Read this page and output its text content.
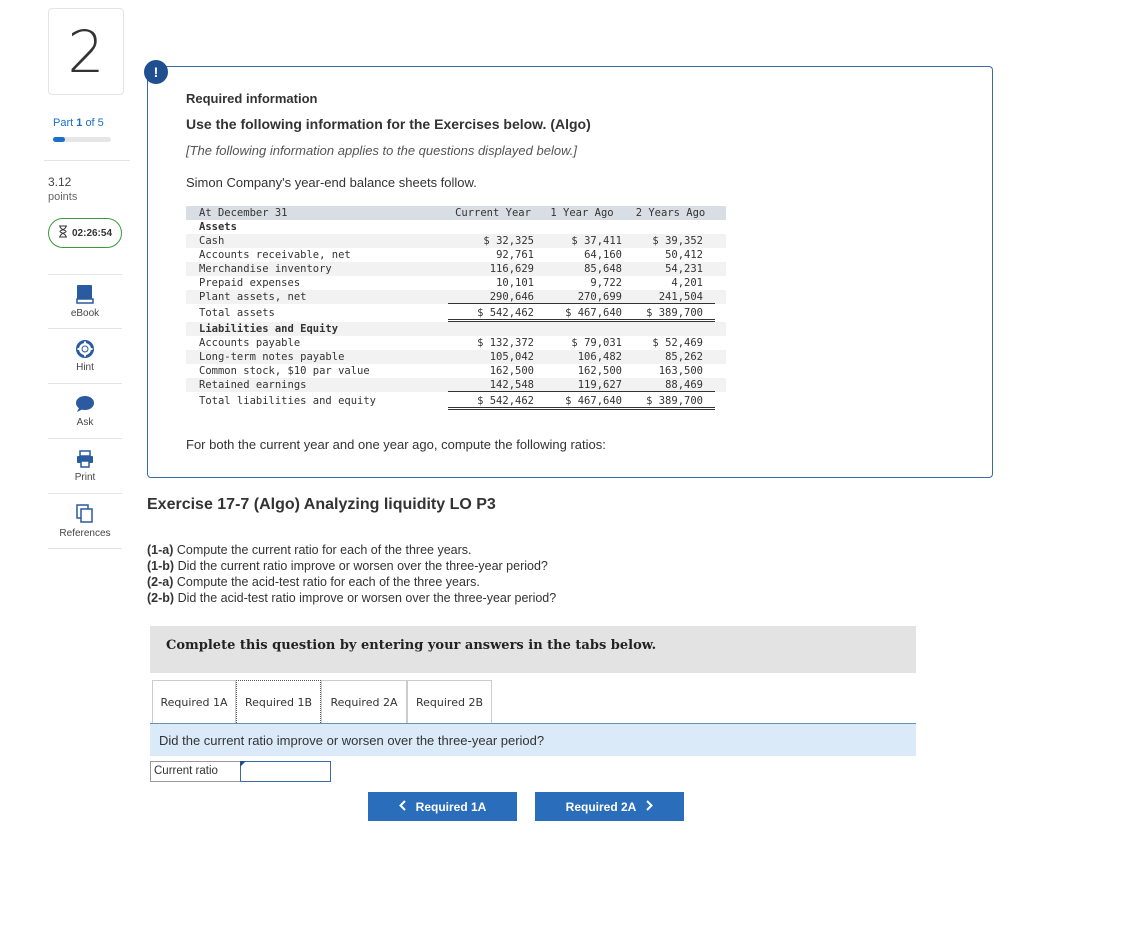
2
Part 1 of 5
3.12
points
02:26:54
eBook
Hint
Ask
Print
References
!
Required information
Use the following information for the Exercises below. (Algo)
[The following information applies to the questions displayed below.]
Simon Company's year-end balance sheets follow.
At December 31	Current Year	1 Year Ago	2 Years Ago
Assets
Cash	$ 32,325	$ 37,411	$ 39,352
Accounts receivable, net	92,761	64,160	50,412
Merchandise inventory	116,629	85,648	54,231
Prepaid expenses	10,101	9,722	4,201
Plant assets, net	290,646	270,699	241,504
Total assets	$ 542,462	$ 467,640	$ 389,700
Liabilities and Equity
Accounts payable	$ 132,372	$ 79,031	$ 52,469
Long-term notes payable	105,042	106,482	85,262
Common stock, $10 par value	162,500	162,500	163,500
Retained earnings	142,548	119,627	88,469
Total liabilities and equity	$ 542,462	$ 467,640	$ 389,700
For both the current year and one year ago, compute the following ratios:
Exercise 17-7 (Algo) Analyzing liquidity LO P3
(1-a) Compute the current ratio for each of the three years.
(1-b) Did the current ratio improve or worsen over the three-year period?
(2-a) Compute the acid-test ratio for each of the three years.
(2-b) Did the acid-test ratio improve or worsen over the three-year period?
Complete this question by entering your answers in the tabs below.
Required 1A	Required 1B	Required 2A	Required 2B
Did the current ratio improve or worsen over the three-year period?
Current ratio
Required 1A	Required 2A
